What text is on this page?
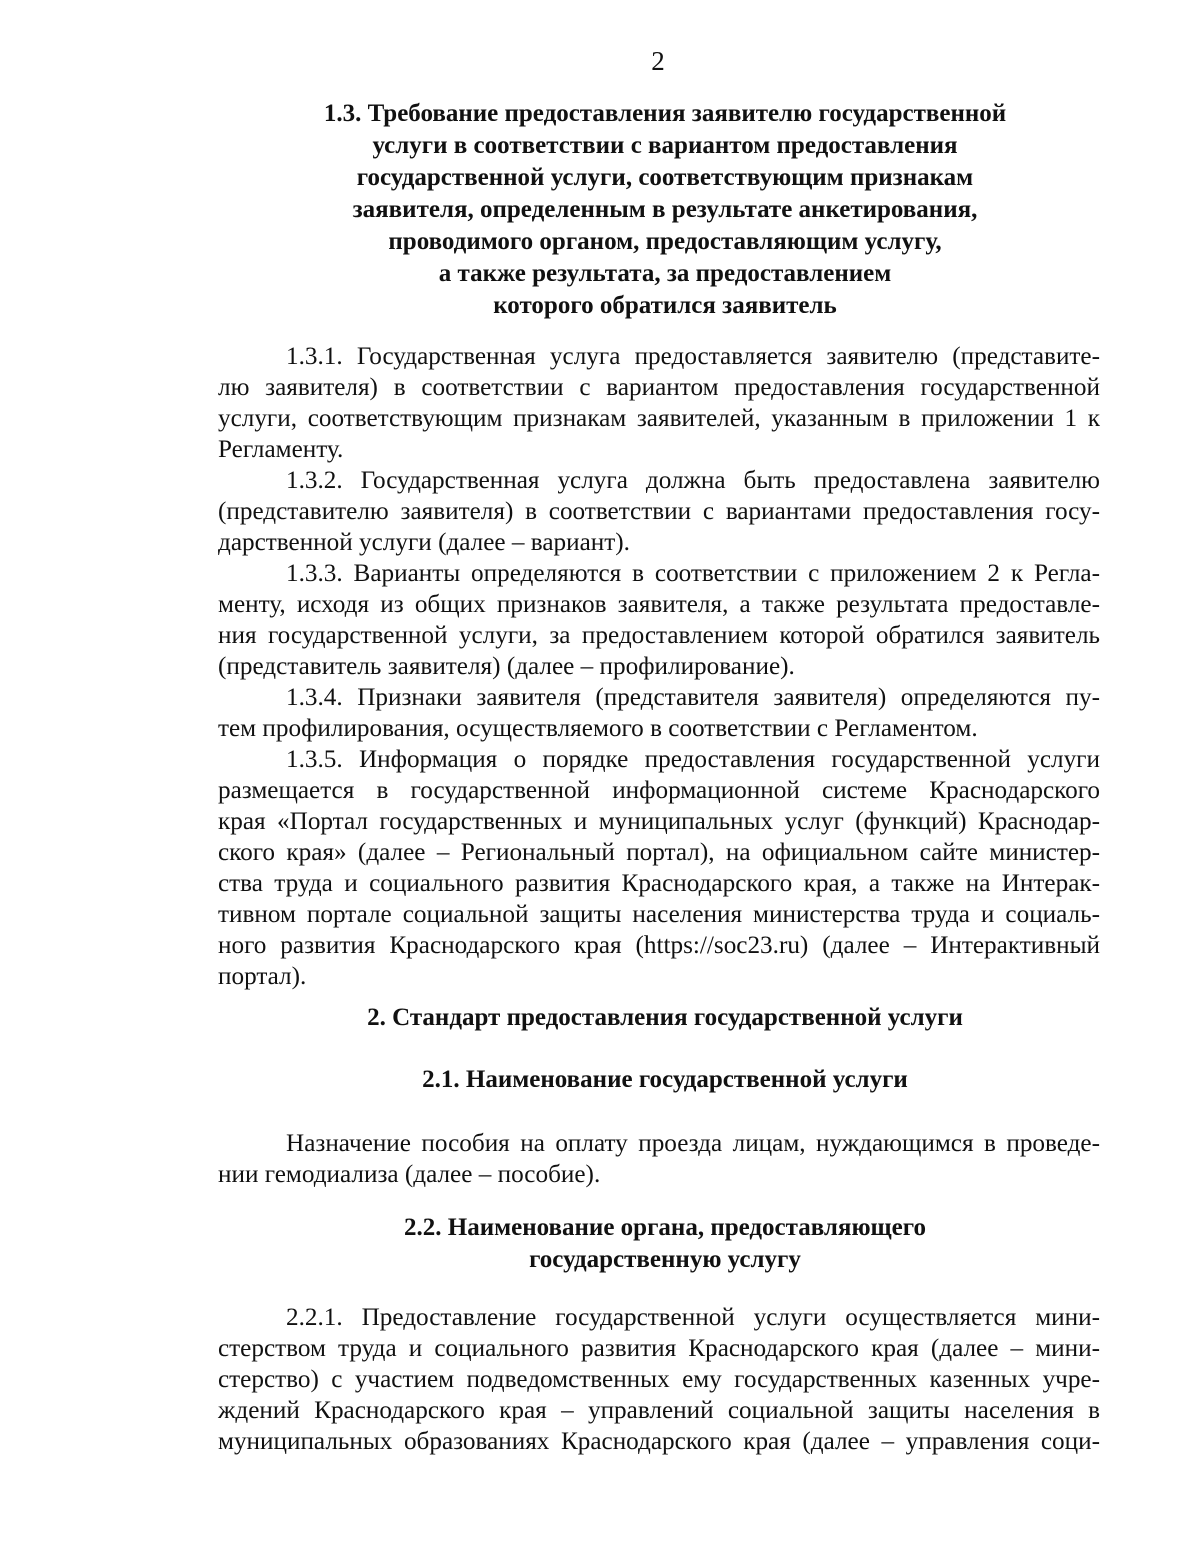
2
1.3. Требование предоставления заявителю государственной
услуги в соответствии с вариантом предоставления
государственной услуги, соответствующим признакам
заявителя, определенным в результате анкетирования,
проводимого органом, предоставляющим услугу,
а также результата, за предоставлением
которого обратился заявитель
1.3.1. Государственная услуга предоставляется заявителю (представите-
лю заявителя) в соответствии с вариантом предоставления государственной
услуги, соответствующим признакам заявителей, указанным в приложении 1 к
Регламенту.
1.3.2. Государственная услуга должна быть предоставлена заявителю
(представителю заявителя) в соответствии с вариантами предоставления госу-
дарственной услуги (далее – вариант).
1.3.3. Варианты определяются в соответствии с приложением 2 к Регла-
менту, исходя из общих признаков заявителя, а также результата предоставле-
ния государственной услуги, за предоставлением которой обратился заявитель
(представитель заявителя) (далее – профилирование).
1.3.4. Признаки заявителя (представителя заявителя) определяются пу-
тем профилирования, осуществляемого в соответствии с Регламентом.
1.3.5. Информация о порядке предоставления государственной услуги
размещается в государственной информационной системе Краснодарского
края «Портал государственных и муниципальных услуг (функций) Краснодар-
ского края» (далее – Региональный портал), на официальном сайте министер-
ства труда и социального развития Краснодарского края, а также на Интерак-
тивном портале социальной защиты населения министерства труда и социаль-
ного развития Краснодарского края (https://soc23.ru) (далее – Интерактивный
портал).
2. Стандарт предоставления государственной услуги
2.1. Наименование государственной услуги
Назначение пособия на оплату проезда лицам, нуждающимся в проведе-
нии гемодиализа (далее – пособие).
2.2. Наименование органа, предоставляющего
государственную услугу
2.2.1. Предоставление государственной услуги осуществляется мини-
стерством труда и социального развития Краснодарского края (далее – мини-
стерство) с участием подведомственных ему государственных казенных учре-
ждений Краснодарского края – управлений социальной защиты населения в
муниципальных образованиях Краснодарского края (далее – управления соци-
